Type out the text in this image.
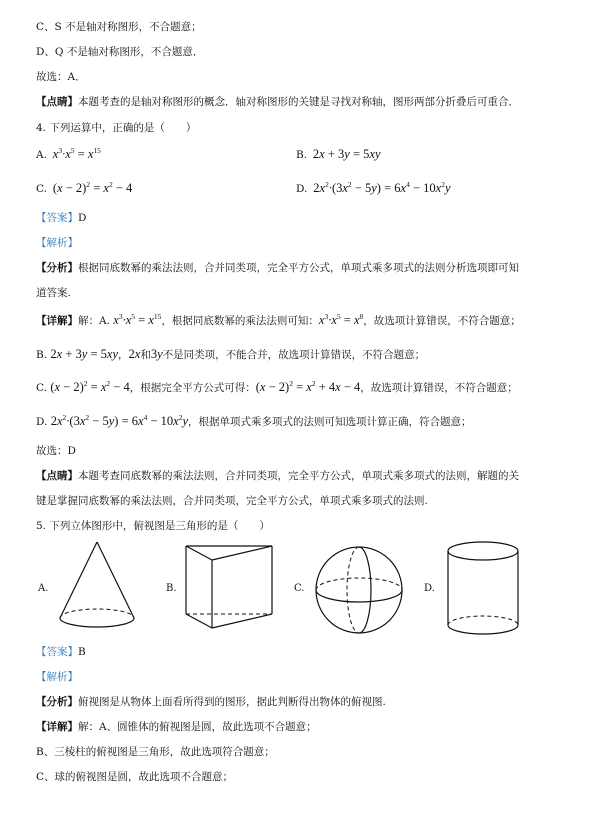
C、S 不是轴对称图形，不合题意；
D、Q 不是轴对称图形，不合题意．
故选：A．
【点睛】本题考查的是轴对称图形的概念．轴对称图形的关键是寻找对称轴，图形两部分折叠后可重合．
4. 下列运算中，正确的是（　　）
A.  $x^3\cdot x^5 = x^{15}$	B.   2x + 3y = 5xy
C.   $(x - 2)^2 = x^2 - 4$	D.   $2x^2\cdot(3x^2 - 5y) = 6x^4 - 10x^2y$
【答案】D
【解析】
【分析】根据同底数幂的乘法法则，合并同类项，完全平方公式，单项式乘多项式的法则分析选项即可知
道答案.
【详解】解：A. $x^3\cdot x^5 = x^{15}$，根据同底数幂的乘法法则可知：$x^3\cdot x^5 = x^8$，故选项计算错误，不符合题意；
B. 2x + 3y = 5xy，2x和3y不是同类项，不能合并，故选项计算错误，不符合题意；
C. $(x - 2)^2 = x^2 - 4$，根据完全平方公式可得：$(x - 2)^2 = x^2 + 4x - 4$，故选项计算错误，不符合题意；
D. $2x^2\cdot(3x^2 - 5y) = 6x^4 - 10x^2y$，根据单项式乘多项式的法则可知选项计算正确，符合题意；
故选：D
【点睛】本题考查同底数幂的乘法法则，合并同类项，完全平方公式，单项式乘多项式的法则，解题的关
键是掌握同底数幂的乘法法则，合并同类项，完全平方公式，单项式乘多项式的法则.
5. 下列立体图形中，俯视图是三角形的是（　　）
A.	B.	C.	D.
【答案】B
【解析】
【分析】俯视图是从物体上面看所得到的图形，据此判断得出物体的俯视图.
【详解】解：A、圆锥体的俯视图是圆，故此选项不合题意；
B、三棱柱的俯视图是三角形，故此选项符合题意；
C、球的俯视图是圆，故此选项不合题意；
